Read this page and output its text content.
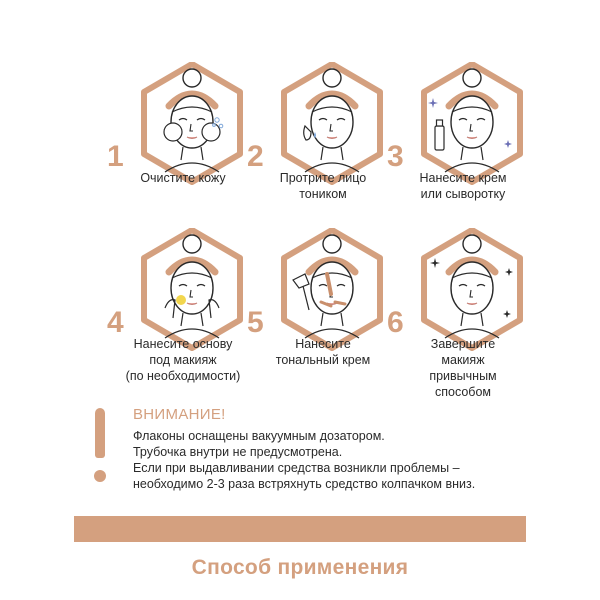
1
Очистите кожу
2
Протрите лицо
тоником
3
Нанесите крем
или сыворотку
4
Нанесите основу
под макияж
(по необходимости)
5
Нанесите
тональный крем
6
Завершите
макияж
привычным
способом
ВНИМАНИЕ!
Флаконы оснащены вакуумным дозатором.
Трубочка внутри не предусмотрена.
Если при выдавливании средства возникли проблемы –
необходимо 2-3 раза встряхнуть средство колпачком вниз.
Способ применения
